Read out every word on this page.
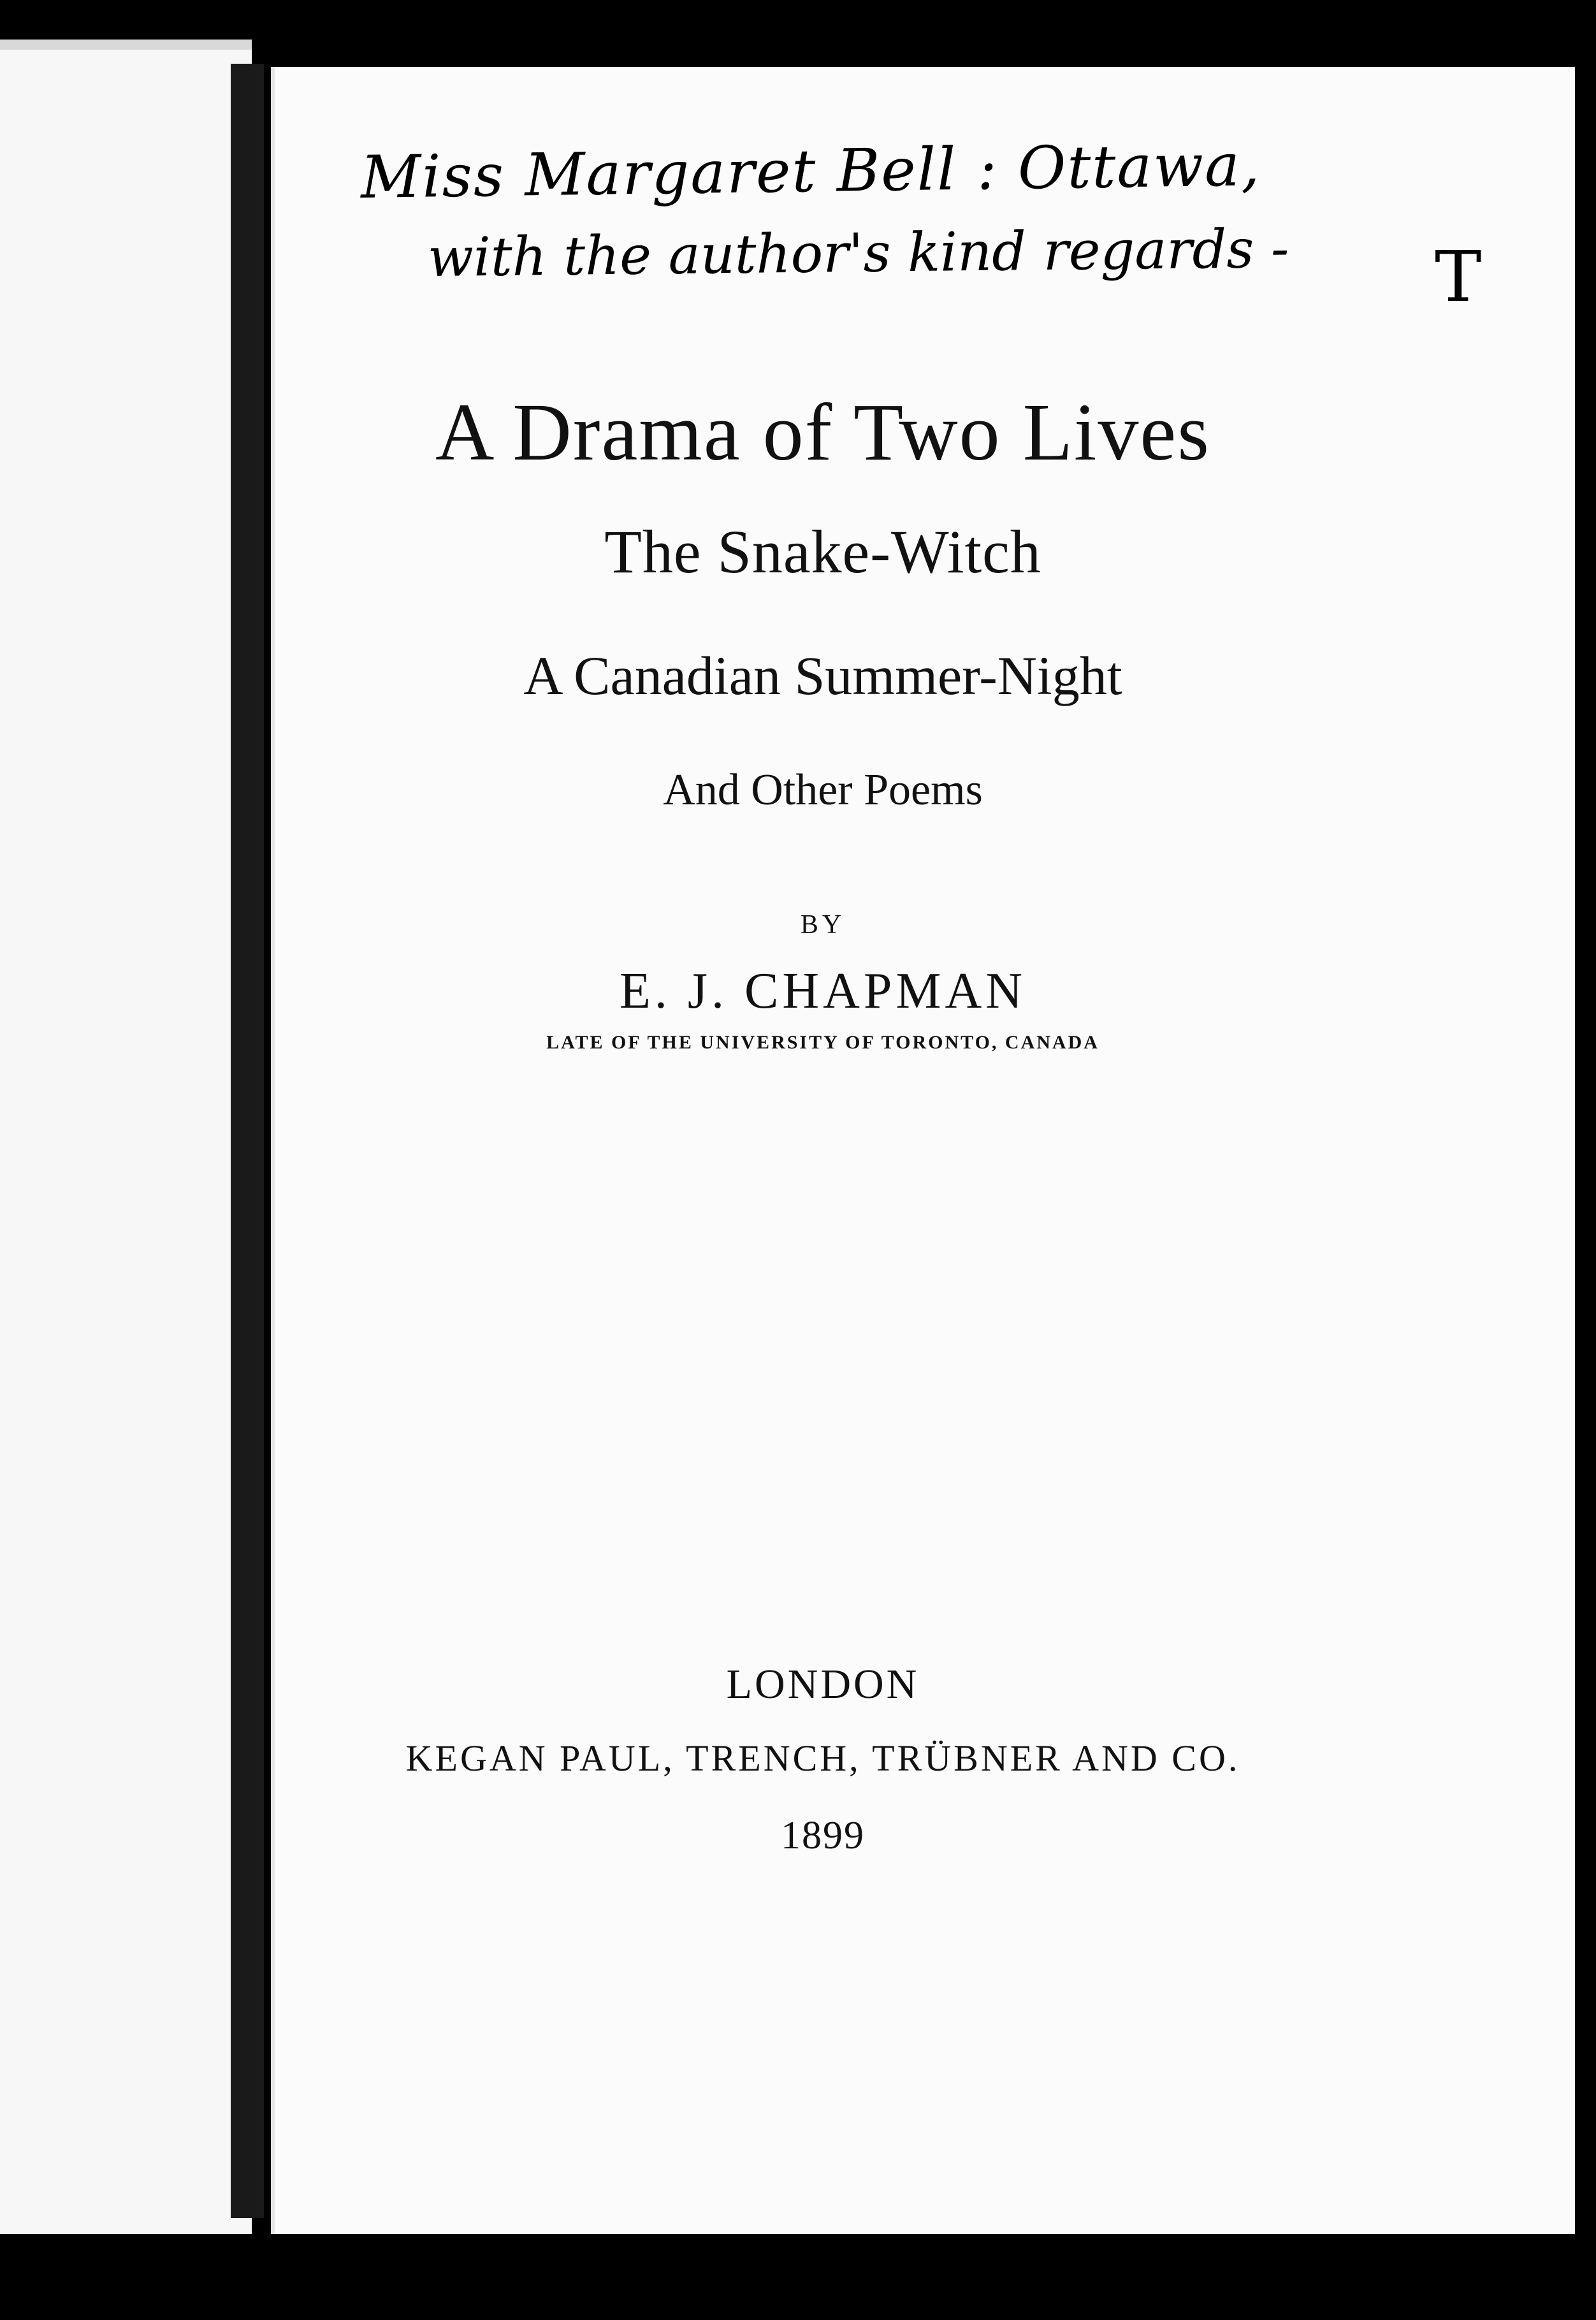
Miss Margaret Bell : Ottawa,
with the author's kind regards -	T
A Drama of Two Lives
The Snake-Witch
A Canadian Summer-Night
And Other Poems
BY
E. J. CHAPMAN
LATE OF THE UNIVERSITY OF TORONTO, CANADA
LONDON
KEGAN PAUL, TRENCH, TRÜBNER AND CO.
1899
